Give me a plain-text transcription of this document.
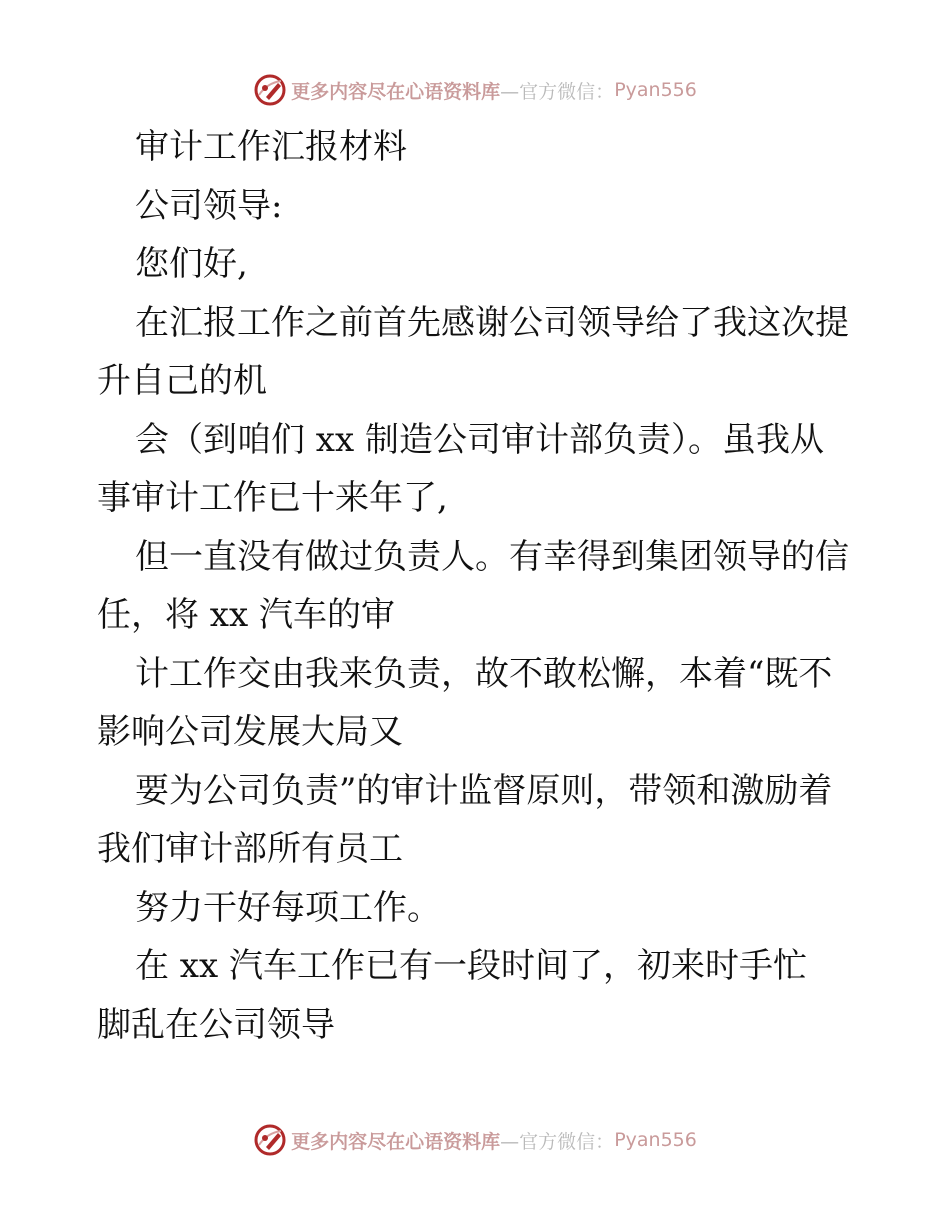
更多内容尽在心语资料库 —官方微信： Pyan556
审计工作汇报材料
公司领导:
您们好,
在汇报工作之前首先感谢公司领导给了我这次提
升自己的机
会（到咱们 xx 制造公司审计部负责）。虽我从
事审计工作已十来年了,
但一直没有做过负责人。有幸得到集团领导的信
任，将 xx 汽车的审
计工作交由我来负责，故不敢松懈，本着“既不
影响公司发展大局又
要为公司负责”的审计监督原则，带领和激励着
我们审计部所有员工
努力干好每项工作。
在 xx 汽车工作已有一段时间了，初来时手忙
脚乱在公司领导
更多内容尽在心语资料库 —官方微信： Pyan556
